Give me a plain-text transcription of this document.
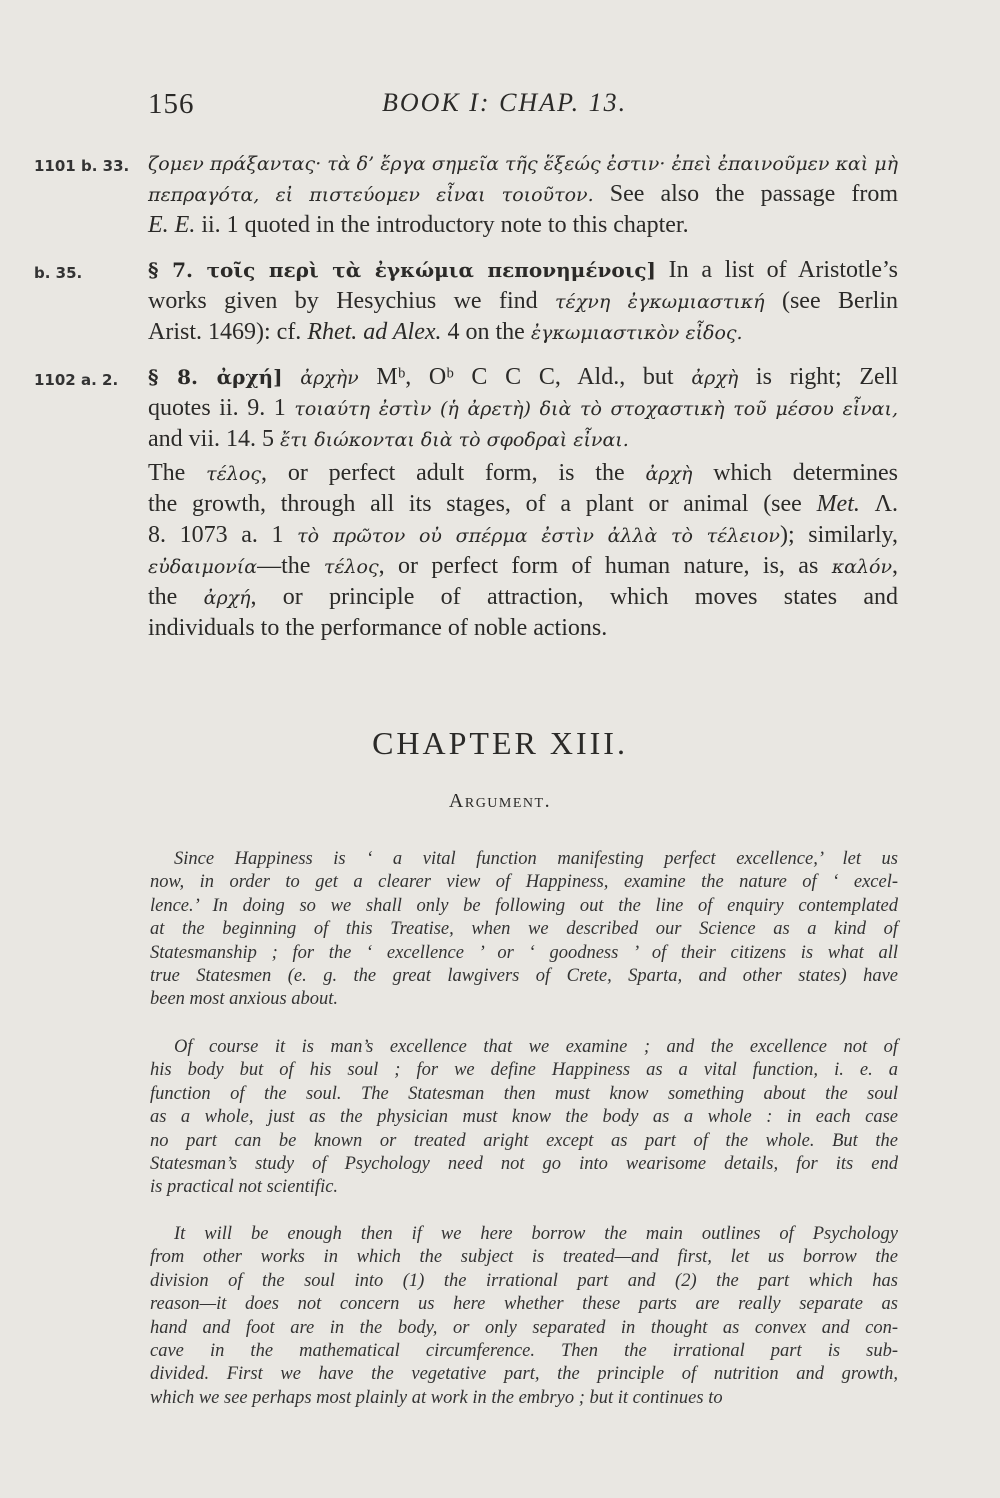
156	BOOK I: CHAP. 13.
1101 b. 33. ζομεν πράξαντας· τὰ δ’ ἔργα σημεῖα τῆς ἕξεώς ἐστιν· ἐπεὶ ἐπαινοῦμεν καὶ μὴ
πεπραγότα, εἰ πιστεύομεν εἶναι τοιοῦτον. See also the passage from
E. E. ii. 1 quoted in the introductory note to this chapter.
b. 35.	§ 7. τοῖς περὶ τὰ ἐγκώμια πεπονημένοις] In a list of Aristotle’s
works given by Hesychius we find τέχνη ἐγκωμιαστική (see Berlin
Arist. 1469): cf. Rhet. ad Alex. 4 on the ἐγκωμιαστικὸν εἶδος.
1102 a. 2.	§ 8. ἀρχή] ἀρχὴν Mᵇ, Oᵇ C C C, Ald., but ἀρχὴ is right; Zell
quotes ii. 9. 1 τοιαύτη ἐστὶν (ἡ ἀρετὴ) διὰ τὸ στοχαστικὴ τοῦ μέσου εἶναι,
and vii. 14. 5 ἔτι διώκονται διὰ τὸ σφοδραὶ εἶναι.
The τέλος, or perfect adult form, is the ἀρχὴ which determines
the growth, through all its stages, of a plant or animal (see Met. Λ.
8. 1073 a. 1 τὸ πρῶτον οὐ σπέρμα ἐστὶν ἀλλὰ τὸ τέλειον); similarly,
εὐδαιμονία—the τέλος, or perfect form of human nature, is, as καλόν,
the ἀρχή, or principle of attraction, which moves states and
individuals to the performance of noble actions.
CHAPTER XIII.
Argument.
Since Happiness is ‘ a vital function manifesting perfect excellence,’ let us
now, in order to get a clearer view of Happiness, examine the nature of ‘ excel-
lence.’ In doing so we shall only be following out the line of enquiry contemplated
at the beginning of this Treatise, when we described our Science as a kind of
Statesmanship ; for the ‘ excellence ’ or ‘ goodness ’ of their citizens is what all
true Statesmen (e. g. the great lawgivers of Crete, Sparta, and other states) have
been most anxious about.
Of course it is man’s excellence that we examine ; and the excellence not of
his body but of his soul ; for we define Happiness as a vital function, i. e. a
function of the soul. The Statesman then must know something about the soul
as a whole, just as the physician must know the body as a whole : in each case
no part can be known or treated aright except as part of the whole. But the
Statesman’s study of Psychology need not go into wearisome details, for its end
is practical not scientific.
It will be enough then if we here borrow the main outlines of Psychology
from other works in which the subject is treated—and first, let us borrow the
division of the soul into (1) the irrational part and (2) the part which has
reason—it does not concern us here whether these parts are really separate as
hand and foot are in the body, or only separated in thought as convex and con-
cave in the mathematical circumference. Then the irrational part is sub-
divided. First we have the vegetative part, the principle of nutrition and growth,
which we see perhaps most plainly at work in the embryo ; but it continues to
